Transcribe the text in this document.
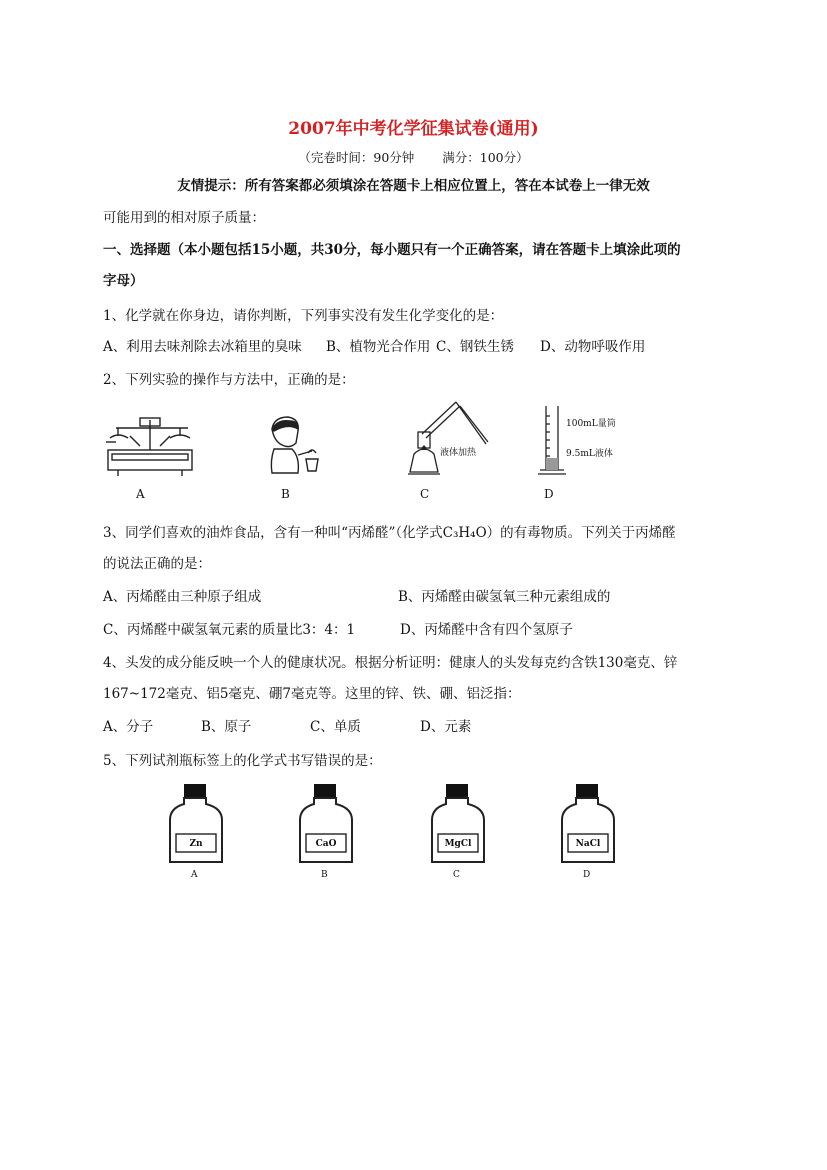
2007年中考化学征集试卷(通用)
（完卷时间：90分钟 满分：100分）
友情提示：所有答案都必须填涂在答题卡上相应位置上，答在本试卷上一律无效
可能用到的相对原子质量：
一、选择题（本小题包括15小题，共30分，每小题只有一个正确答案，请在答题卡上填涂此项的
字母）
1、化学就在你身边，请你判断，下列事实没有发生化学变化的是：
A、利用去味剂除去冰箱里的臭味 B、植物光合作用 C、钢铁生锈 D、动物呼吸作用
2、下列实验的操作与方法中，正确的是：
A	B
液体加热
C
100mL量筒
9.5mL液体
D
3、同学们喜欢的油炸食品，含有一种叫“丙烯醛”（化学式C₃H₄O）的有毒物质。下列关于丙烯醛
的说法正确的是：
A、丙烯醛由三种原子组成	B、丙烯醛由碳氢氧三种元素组成的
C、丙烯醛中碳氢氧元素的质量比3：4：1	D、丙烯醛中含有四个氢原子
4、头发的成分能反映一个人的健康状况。根据分析证明：健康人的头发每克约含铁130毫克、锌
167~172毫克、铝5毫克、硼7毫克等。这里的锌、铁、硼、铝泛指：
A、分子	B、原子	C、单质	D、元素
5、下列试剂瓶标签上的化学式书写错误的是：
Zn
A
CaO
B
MgCl
C
NaCl
D
